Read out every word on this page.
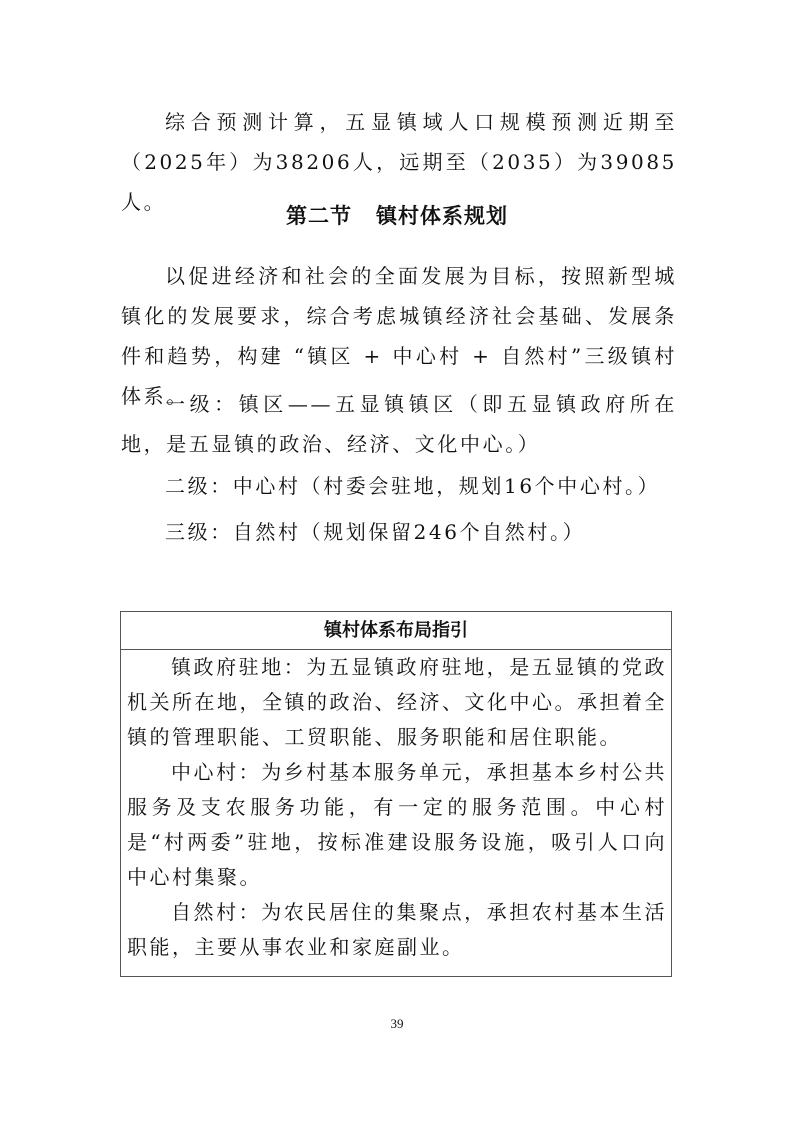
综合预测计算，五显镇域人口规模预测近期至（2025年）为38206人，远期至（2035）为39085人。

第二节 镇村体系规划

以促进经济和社会的全面发展为目标，按照新型城镇化的发展要求，综合考虑城镇经济社会基础、发展条件和趋势，构建 “镇区 + 中心村 + 自然村”三级镇村体系。

一级：镇区——五显镇镇区（即五显镇政府所在地，是五显镇的政治、经济、文化中心。）

二级：中心村（村委会驻地，规划16个中心村。）

三级：自然村（规划保留246个自然村。）

镇村体系布局指引

镇政府驻地：为五显镇政府驻地，是五显镇的党政机关所在地，全镇的政治、经济、文化中心。承担着全镇的管理职能、工贸职能、服务职能和居住职能。

中心村：为乡村基本服务单元，承担基本乡村公共服务及支农服务功能，有一定的服务范围。中心村是“村两委”驻地，按标准建设服务设施，吸引人口向中心村集聚。

自然村：为农民居住的集聚点，承担农村基本生活职能，主要从事农业和家庭副业。

39
